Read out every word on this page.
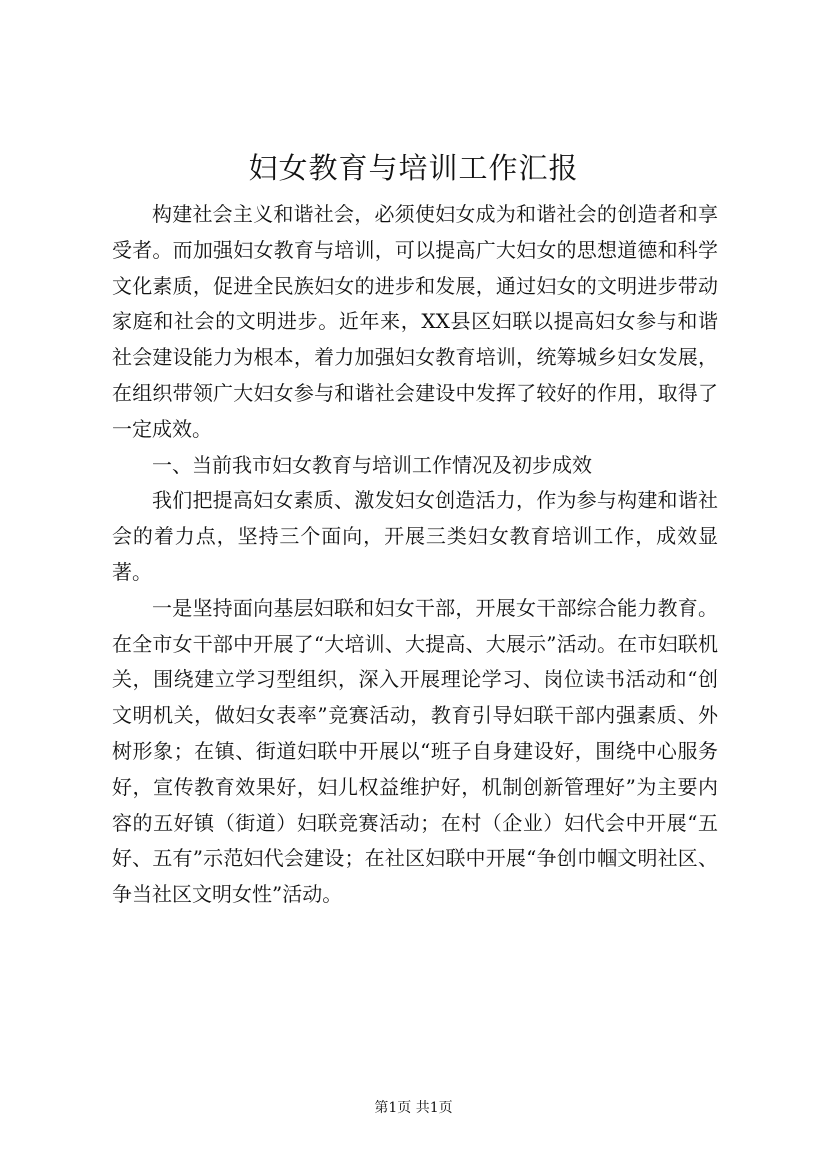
妇女教育与培训工作汇报

构建社会主义和谐社会，必须使妇女成为和谐社会的创造者和享受者。而加强妇女教育与培训，可以提高广大妇女的思想道德和科学文化素质，促进全民族妇女的进步和发展，通过妇女的文明进步带动家庭和社会的文明进步。近年来，XX县区妇联以提高妇女参与和谐社会建设能力为根本，着力加强妇女教育培训，统筹城乡妇女发展，在组织带领广大妇女参与和谐社会建设中发挥了较好的作用，取得了一定成效。

一、当前我市妇女教育与培训工作情况及初步成效

我们把提高妇女素质、激发妇女创造活力，作为参与构建和谐社会的着力点，坚持三个面向，开展三类妇女教育培训工作，成效显著。

一是坚持面向基层妇联和妇女干部，开展女干部综合能力教育。在全市女干部中开展了“大培训、大提高、大展示”活动。在市妇联机关，围绕建立学习型组织，深入开展理论学习、岗位读书活动和“创文明机关，做妇女表率”竞赛活动，教育引导妇联干部内强素质、外树形象；在镇、街道妇联中开展以“班子自身建设好，围绕中心服务好，宣传教育效果好，妇儿权益维护好，机制创新管理好”为主要内容的五好镇（街道）妇联竞赛活动；在村（企业）妇代会中开展“五好、五有”示范妇代会建设；在社区妇联中开展“争创巾帼文明社区、争当社区文明女性”活动。

第1页 共1页
